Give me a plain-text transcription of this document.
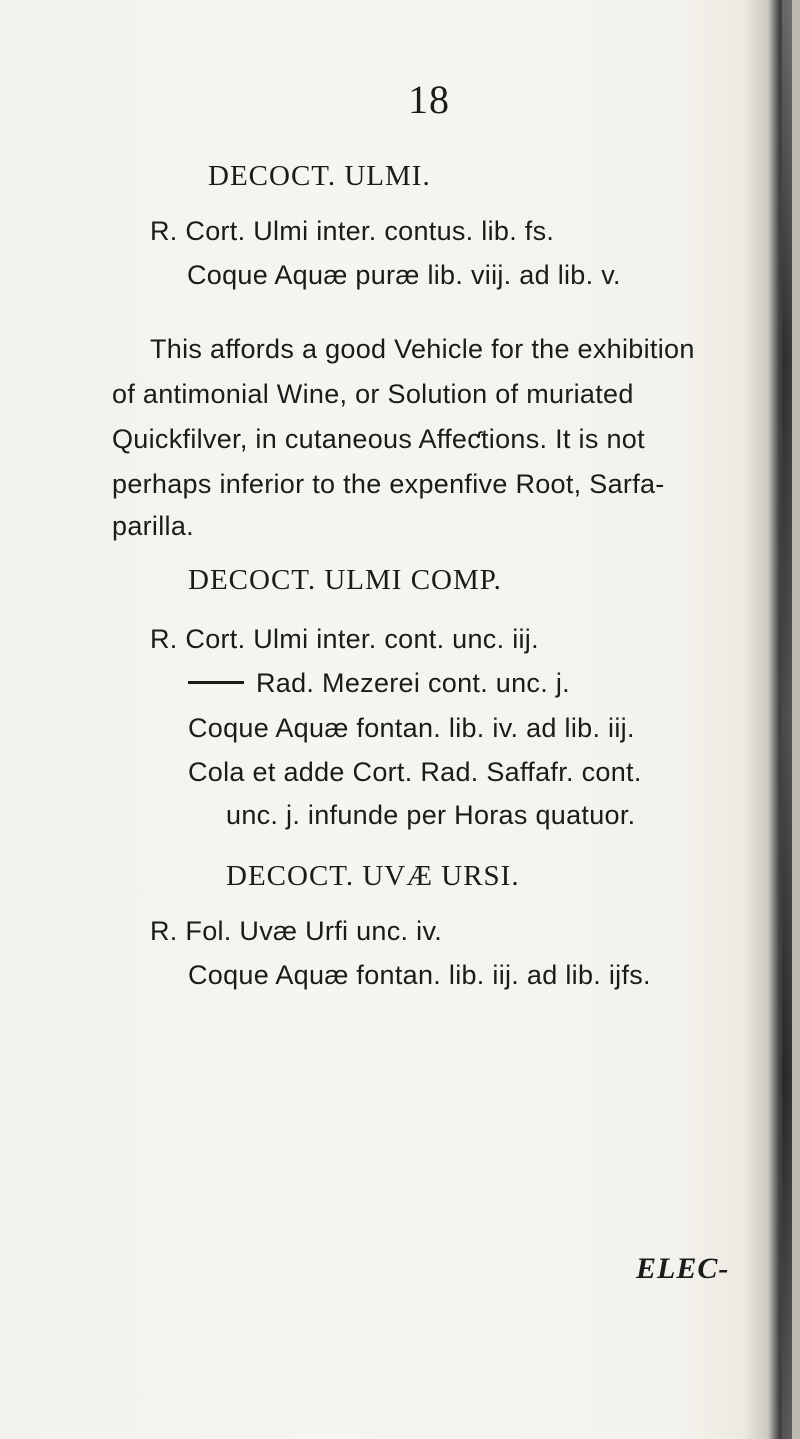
18
DECOCT. ULMI.
R. Cort. Ulmi inter. contus. lib. fs.
Coque Aquæ puræ lib. viij. ad lib. v.
This affords a good Vehicle for the exhibition
of antimonial Wine, or Solution of muriated
Quickfilver, in cutaneous Affeƈtions. It is not
perhaps inferior to the expenfive Root, Sarfa-
parilla.
DECOCT. ULMI COMP.
R. Cort. Ulmi inter. cont. unc. iij.
Rad. Mezerei cont. unc. j.
Coque Aquæ fontan. lib. iv. ad lib. iij.
Cola et adde Cort. Rad. Saffafr. cont.
unc. j. infunde per Horas quatuor.
DECOCT. UVÆ URSI.
R. Fol. Uvæ Urfi unc. iv.
Coque Aquæ fontan. lib. iij. ad lib. ijfs.
ELEC-
